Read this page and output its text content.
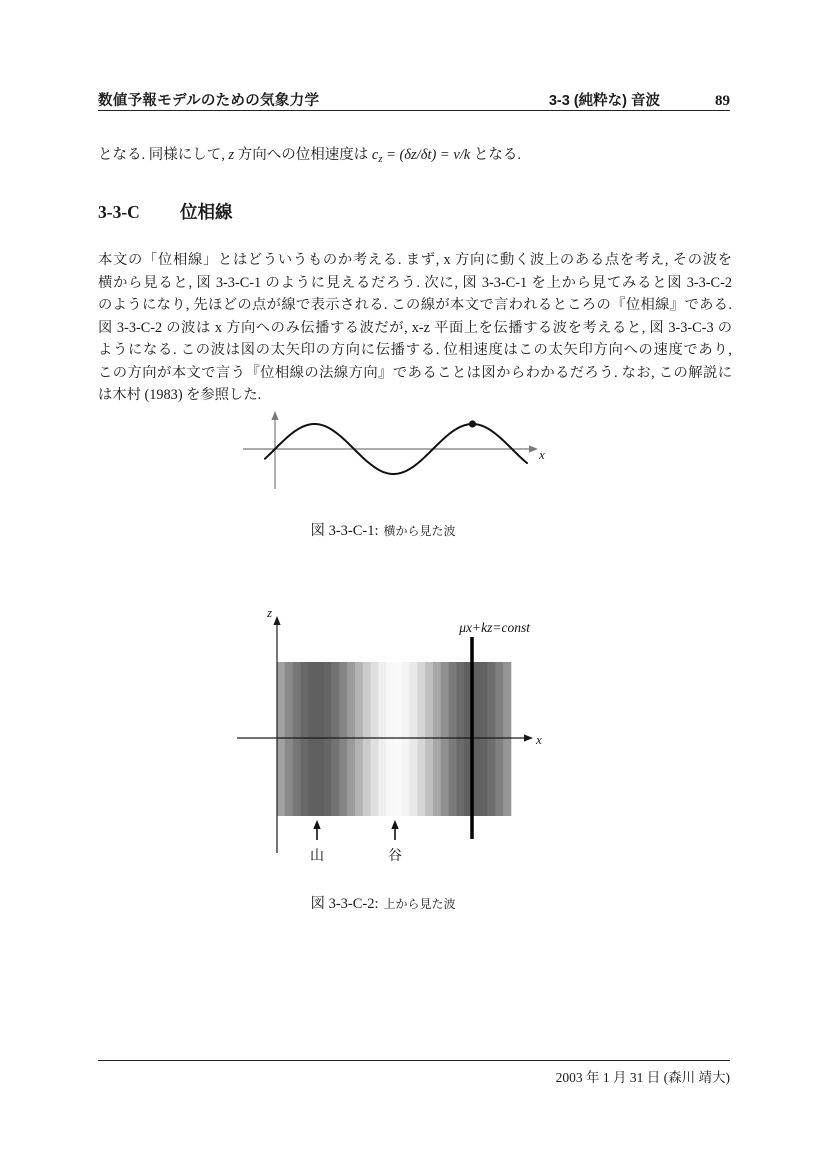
数値予報モデルのための気象力学	3-3 (純粋な) 音波	89
となる. 同様にして, z 方向への位相速度は $c_z = (\delta z/\delta t) = \nu/k$ となる.
3-3-C 位相線
本文の「位相線」とはどういうものか考える. まず, x 方向に動く波上のある点を考え, その波を
横から見ると, 図 3-3-C-1 のように見えるだろう. 次に, 図 3-3-C-1 を上から見てみると図 3-3-C-2
のようになり, 先ほどの点が線で表示される. この線が本文で言われるところの『位相線』である.
図 3-3-C-2 の波は x 方向へのみ伝播する波だが, x-z 平面上を伝播する波を考えると, 図 3-3-C-3 の
ようになる. この波は図の太矢印の方向に伝播する. 位相速度はこの太矢印方向への速度であり,
この方向が本文で言う『位相線の法線方向』であることは図からわかるだろう. なお, この解説に
は木村 (1983) を参照した.
x
図 3-3-C-1: 横から見た波
z
x
μx+kz=const
山	谷
図 3-3-C-2: 上から見た波
2003 年 1 月 31 日 (森川 靖大)
